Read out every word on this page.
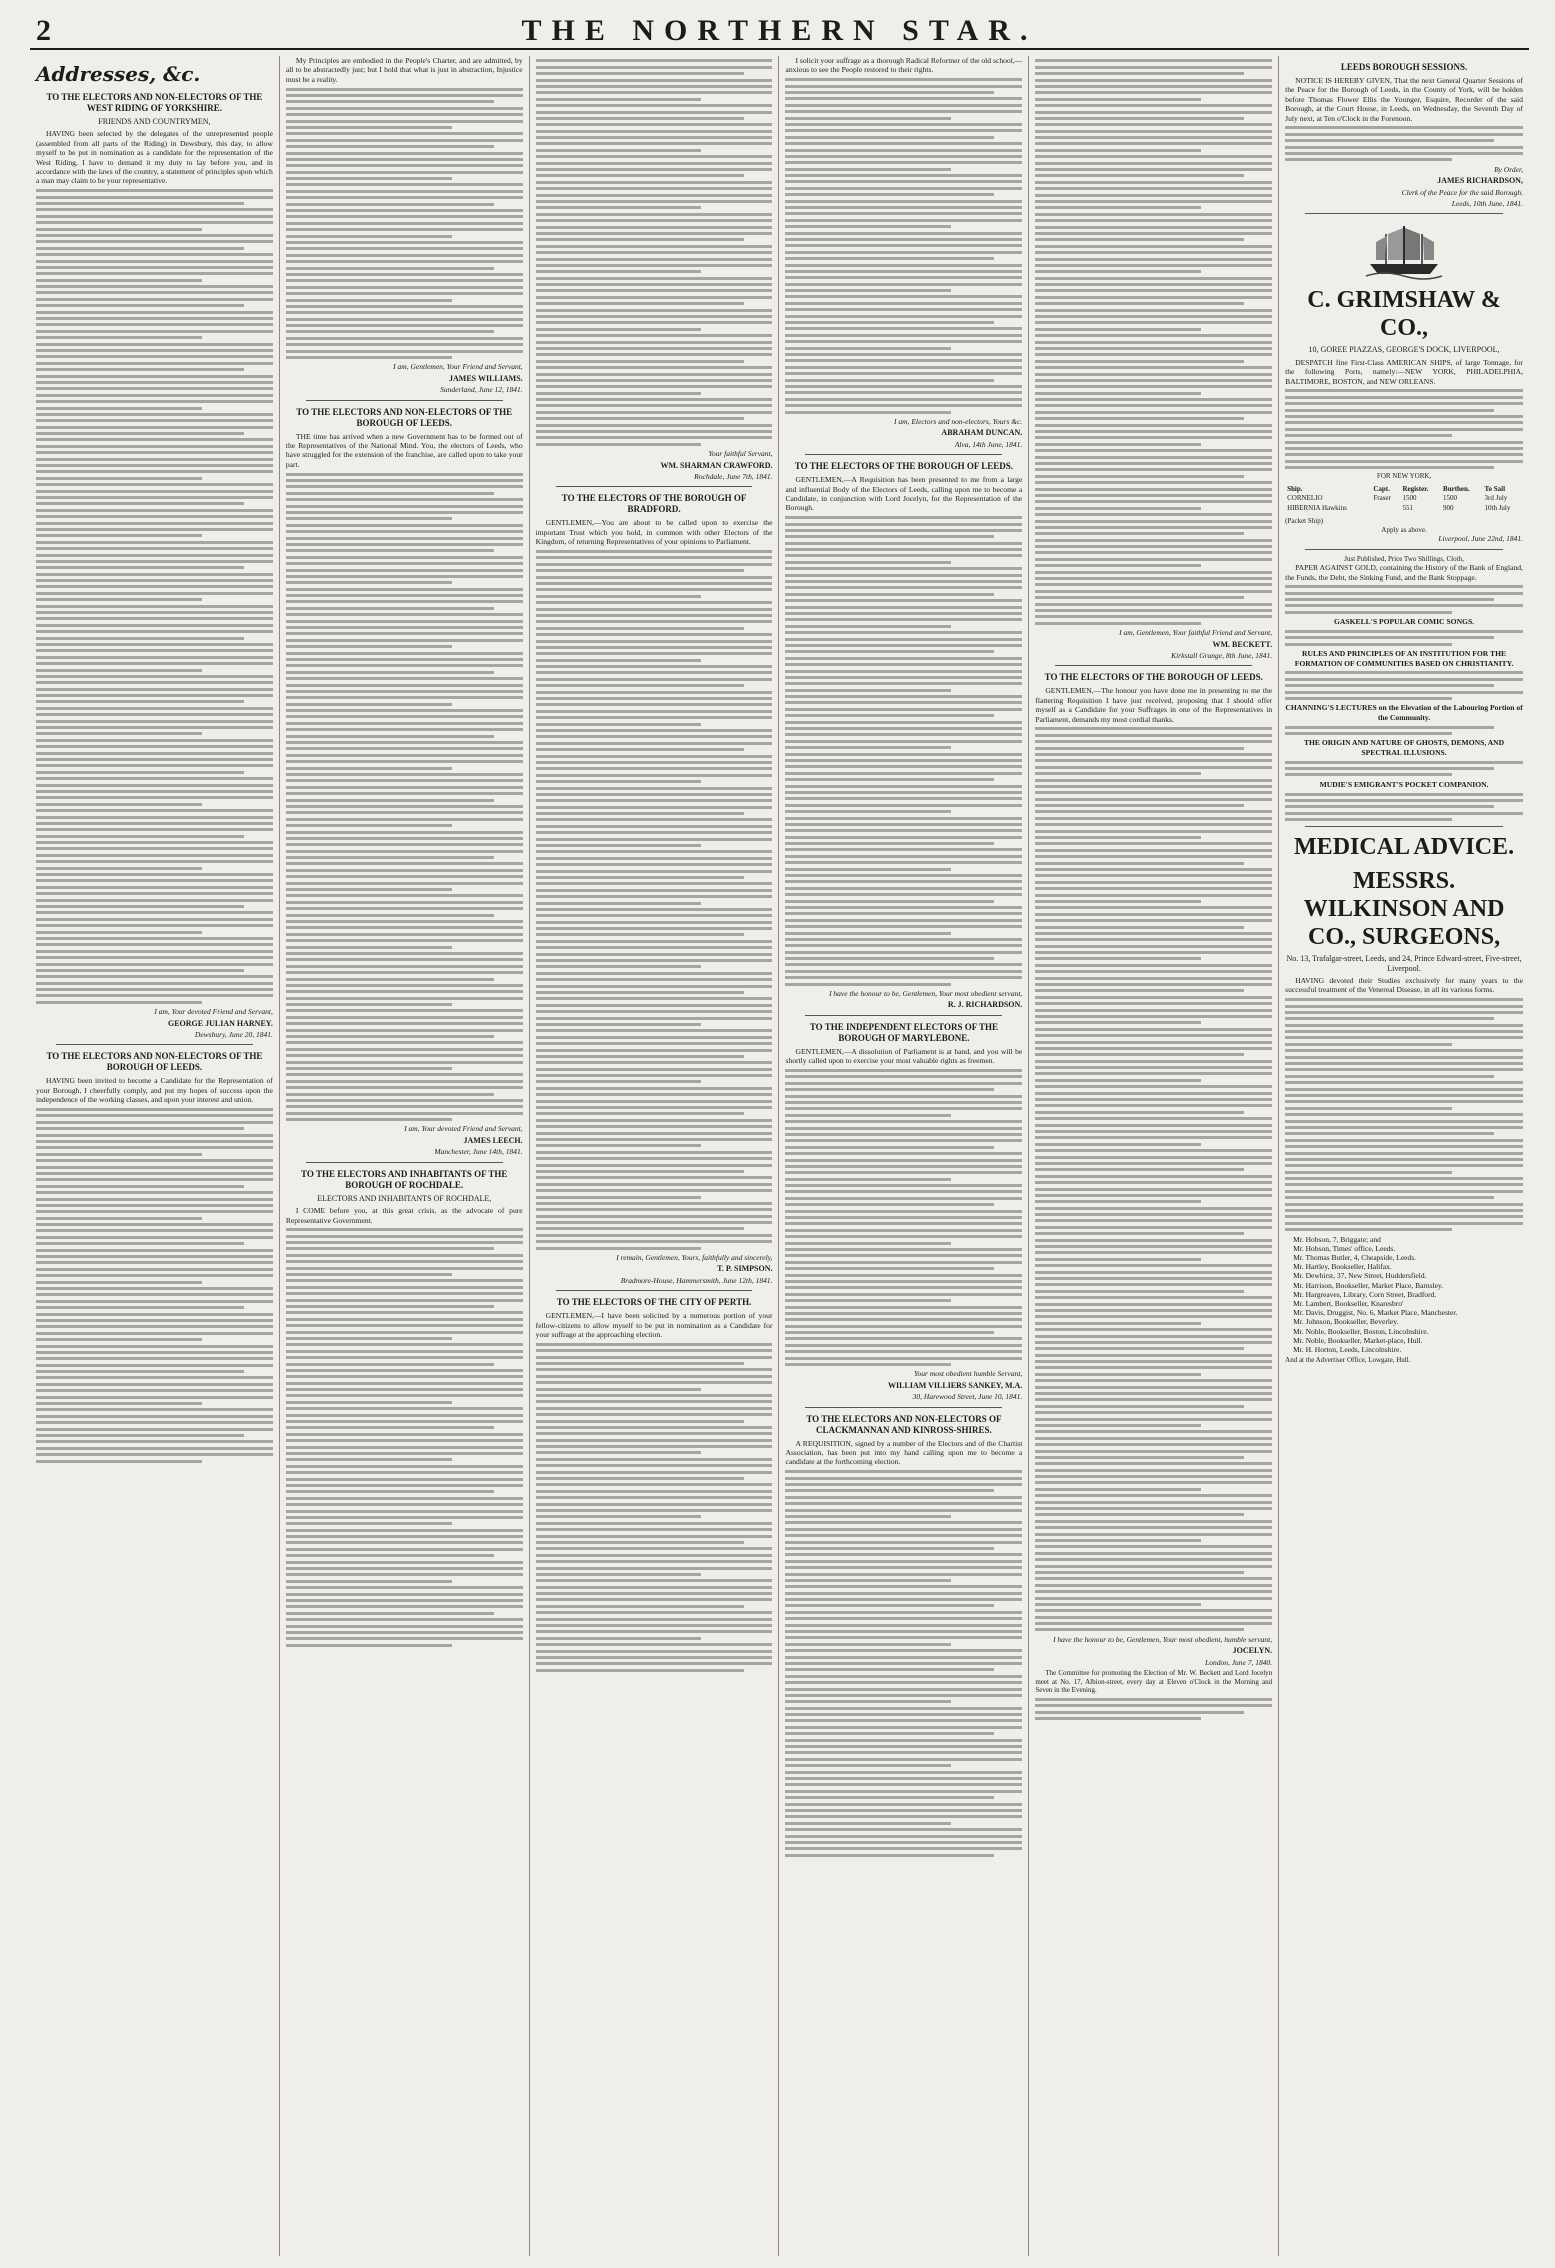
2	THE NORTHERN STAR.
Addresses, &c.
TO THE ELECTORS AND NON-ELECTORS OF THE WEST RIDING OF YORKSHIRE.
FRIENDS AND COUNTRYMEN,

HAVING been selected by the delegates of the unrepresented people (assembled from all parts of the Riding) in Dewsbury, this day, to allow myself to be put in nomination as a candidate for the representation of the West Riding, I have to demand it my duty to lay before you, and in accordance with the laws of the country, a statement of principles upon which a man may claim to be your representative.

I am, Your devoted Friend and Servant,
GEORGE JULIAN HARNEY.
Dewsbury, June 20, 1841.
TO THE ELECTORS AND NON-ELECTORS OF THE BOROUGH OF LEEDS.

HAVING been invited to become a Candidate for the Representation of your Borough, I cheerfully comply, and put my hopes of success upon the independence of the working classes, and upon your interest and union.

My Principles are embodied in the People's Charter, and are admitted, by all to be abstractedly just; but I hold that what is just in abstraction, Injustice must be a reality.

I am, Gentlemen, Your Friend and Servant,
JAMES WILLIAMS.
Sunderland, June 12, 1841.
TO THE ELECTORS AND NON-ELECTORS OF THE BOROUGH OF LEEDS.

THE time has arrived when a new Government has to be formed out of the Representatives of the National Mind. You, the electors of Leeds, who have struggled for the extension of the franchise, are called upon to take your part.

I am, Your devoted Friend and Servant,
JAMES LEECH.
Manchester, June 14th, 1841.
TO THE ELECTORS AND INHABITANTS OF THE BOROUGH OF ROCHDALE.
ELECTORS AND INHABITANTS OF ROCHDALE,

I COME before you, at this great crisis, as the advocate of pure Representative Government.

Your faithful Servant,
WM. SHARMAN CRAWFORD.
Rochdale, June 7th, 1841.
TO THE ELECTORS OF THE BOROUGH OF BRADFORD.

GENTLEMEN,—You are about to be called upon to exercise the important Trust which you hold, in common with other Electors of the Kingdom, of returning Representatives of your opinions to Parliament.

I remain, Gentlemen, Yours, faithfully and sincerely,
T. P. SIMPSON.
Bradmore-House, Hammersmith, June 12th, 1841.
TO THE ELECTORS OF THE CITY OF PERTH.

GENTLEMEN,—I have been solicited by a numerous portion of your fellow-citizens to allow myself to be put in nomination as a Candidate for your suffrage at the approaching election.

I solicit your suffrage as a thorough Radical Reformer of the old school,—anxious to see the People restored to their rights.

I am, Electors and non-electors, Yours &c.
ABRAHAM DUNCAN.
Alva, 14th June, 1841.
TO THE ELECTORS OF THE BOROUGH OF LEEDS.

GENTLEMEN,—A Requisition has been presented to me from a large and influential Body of the Electors of Leeds, calling upon me to become a Candidate, in conjunction with Lord Jocelyn, for the Representation of the Borough.

I have the honour to be, Gentlemen, Your most obedient servant,
R. J. RICHARDSON.
TO THE INDEPENDENT ELECTORS OF THE BOROUGH OF MARYLEBONE.

GENTLEMEN,—A dissolution of Parliament is at hand, and you will be shortly called upon to exercise your most valuable rights as freemen.

Your most obedient humble Servant,
WILLIAM VILLIERS SANKEY, M.A.
30, Harewood Street, June 10, 1841.
TO THE ELECTORS AND NON-ELECTORS OF CLACKMANNAN AND KINROSS-SHIRES.

A REQUISITION, signed by a number of the Electors and of the Chartist Association, has been put into my hand calling upon me to become a candidate at the forthcoming election.

I am, Gentlemen, Your faithful Friend and Servant,
WM. BECKETT.
Kirkstall Grange, 8th June, 1841.
TO THE ELECTORS OF THE BOROUGH OF LEEDS.

GENTLEMEN,—The honour you have done me in presenting to me the flattering Requisition I have just received, proposing that I should offer myself as a Candidate for your Suffrages in one of the Representatives in Parliament, demands my most cordial thanks.

I have the honour to be, Gentlemen, Your most obedient, humble servant,
JOCELYN.
London, June 7, 1840.

The Committee for promoting the Election of Mr. W. Beckett and Lord Jocelyn meet at No. 17, Albion-street, every day at Eleven o'Clock in the Morning and Seven in the Evening.

LEEDS BOROUGH SESSIONS.

NOTICE IS HEREBY GIVEN, That the next General Quarter Sessions of the Peace for the Borough of Leeds, in the County of York, will be holden before Thomas Flower Ellis the Younger, Esquire, Recorder of the said Borough, at the Court House, in Leeds, on Wednesday, the Seventh Day of July next, at Ten o'Clock in the Forenoon.

By Order,
JAMES RICHARDSON,
Clerk of the Peace for the said Borough.
Leeds, 10th June, 1841.
C. GRIMSHAW & CO.,
10, GOREE PIAZZAS, GEORGE'S DOCK, LIVERPOOL,

DESPATCH fine First-Class AMERICAN SHIPS, of large Tonnage, for the following Ports, namely:—NEW YORK, PHILADELPHIA, BALTIMORE, BOSTON, and NEW ORLEANS.

FOR NEW YORK,
Ship.	Capt.	Register.	Burthen.	To Sail
CORNELIO	Fraser	1500	1500	3rd July
HIBERNIA Hawkins		551	900	10th July
(Packet Ship)
Apply as above.
Liverpool, June 22nd, 1841.
Just Published, Price Two Shillings, Cloth,

PAPER AGAINST GOLD, containing the History of the Bank of England, the Funds, the Debt, the Sinking Fund, and the Bank Stoppage.

GASKELL'S POPULAR COMIC SONGS.
RULES AND PRINCIPLES OF AN INSTITUTION FOR THE FORMATION OF COMMUNITIES BASED ON CHRISTIANITY.
CHANNING'S LECTURES on the Elevation of the Labouring Portion of the Community.
THE ORIGIN AND NATURE OF GHOSTS, DEMONS, AND SPECTRAL ILLUSIONS.
MUDIE'S EMIGRANT'S POCKET COMPANION.
MEDICAL ADVICE.
MESSRS. WILKINSON AND CO., SURGEONS,
No. 13, Trafalgar-street, Leeds, and 24, Prince Edward-street, Five-street, Liverpool.

HAVING devoted their Studies exclusively for many years to the successful treatment of the Venereal Disease, in all its various forms.

Mr. Hobson, 7, Briggate; and
Mr. Hobson, Times' office, Leeds.
Mr. Thomas Butler, 4, Cheapside, Leeds.
Mr. Hartley, Bookseller, Halifax.
Mr. Dewhirst, 37, New Street, Huddersfield.
Mr. Harrison, Bookseller, Market Place, Barnsley.
Mr. Hargreaves, Library, Corn Street, Bradford.
Mr. Lambert, Bookseller, Knaresbro'
Mr. Davis, Druggist, No. 6, Market Place, Manchester.
Mr. Johnson, Bookseller, Beverley.
Mr. Noble, Bookseller, Boston, Lincolnshire.
Mr. Noble, Bookseller, Market-place, Hull.
Mr. H. Horton, Leeds, Lincolnshire.
And at the Advertiser Office, Lowgate, Hull.
